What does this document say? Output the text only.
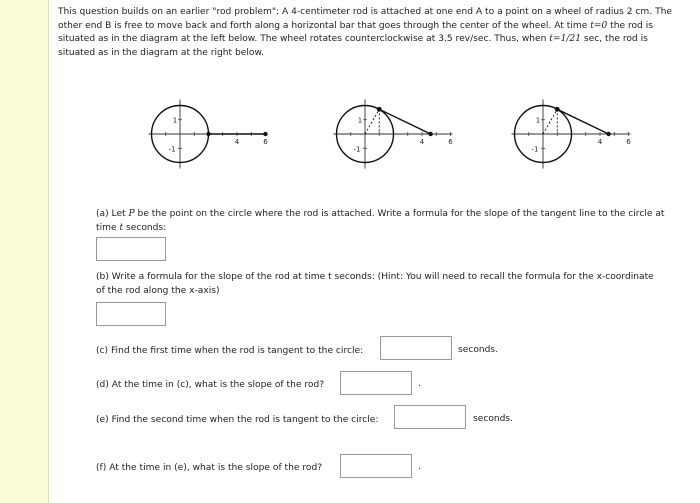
This question builds on an earlier "rod problem": A 4-centimeter rod is attached at one end A to a point on a wheel of radius 2 cm. The other end B is free to move back and forth along a horizontal bar that goes through the center of the wheel. At time t=0 the rod is situated as in the diagram at the left below. The wheel rotates counterclockwise at 3.5 rev/sec. Thus, when t=1/21 sec, the rod is situated as in the diagram at the right below.
1
-1
4	6
1
-1
4	6
1
-1
4	6
(a) Let P be the point on the circle where the rod is attached. Write a formula for the slope of the tangent line to the circle at time t seconds:
(b) Write a formula for the slope of the rod at time t seconds: (Hint: You will need to recall the formula for the x-coordinate of the rod along the x-axis)
(c) Find the first time when the rod is tangent to the circle:	seconds.
(d) At the time in (c), what is the slope of the rod?	.
(e) Find the second time when the rod is tangent to the circle:	seconds.
(f) At the time in (e), what is the slope of the rod?	.
